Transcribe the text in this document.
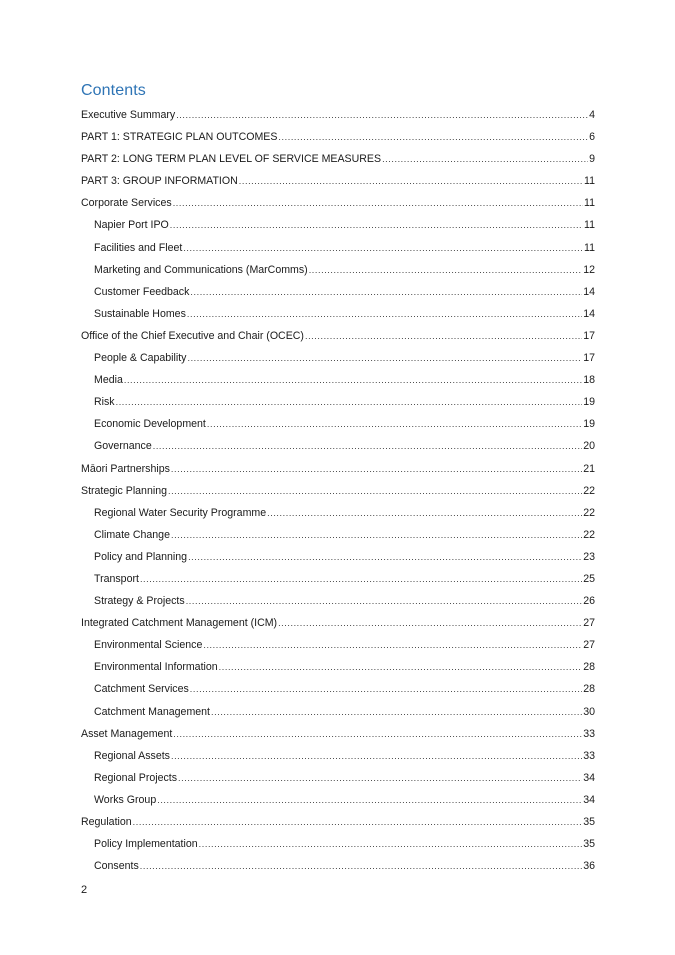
Contents
Executive Summary .....	4
PART 1: STRATEGIC PLAN OUTCOMES .....	6
PART 2: LONG TERM PLAN LEVEL OF SERVICE MEASURES .....	9
PART 3: GROUP INFORMATION .....	11
Corporate Services .....	11
Napier Port IPO .....	11
Facilities and Fleet .....	11
Marketing and Communications (MarComms) .....	12
Customer Feedback .....	14
Sustainable Homes .....	14
Office of the Chief Executive and Chair (OCEC) .....	17
People & Capability .....	17
Media .....	18
Risk .....	19
Economic Development .....	19
Governance .....	20
Māori Partnerships .....	21
Strategic Planning .....	22
Regional Water Security Programme .....	22
Climate Change .....	22
Policy and Planning .....	23
Transport .....	25
Strategy & Projects .....	26
Integrated Catchment Management (ICM) .....	27
Environmental Science .....	27
Environmental Information .....	28
Catchment Services .....	28
Catchment Management .....	30
Asset Management .....	33
Regional Assets .....	33
Regional Projects .....	34
Works Group .....	34
Regulation .....	35
Policy Implementation .....	35
Consents .....	36

2
